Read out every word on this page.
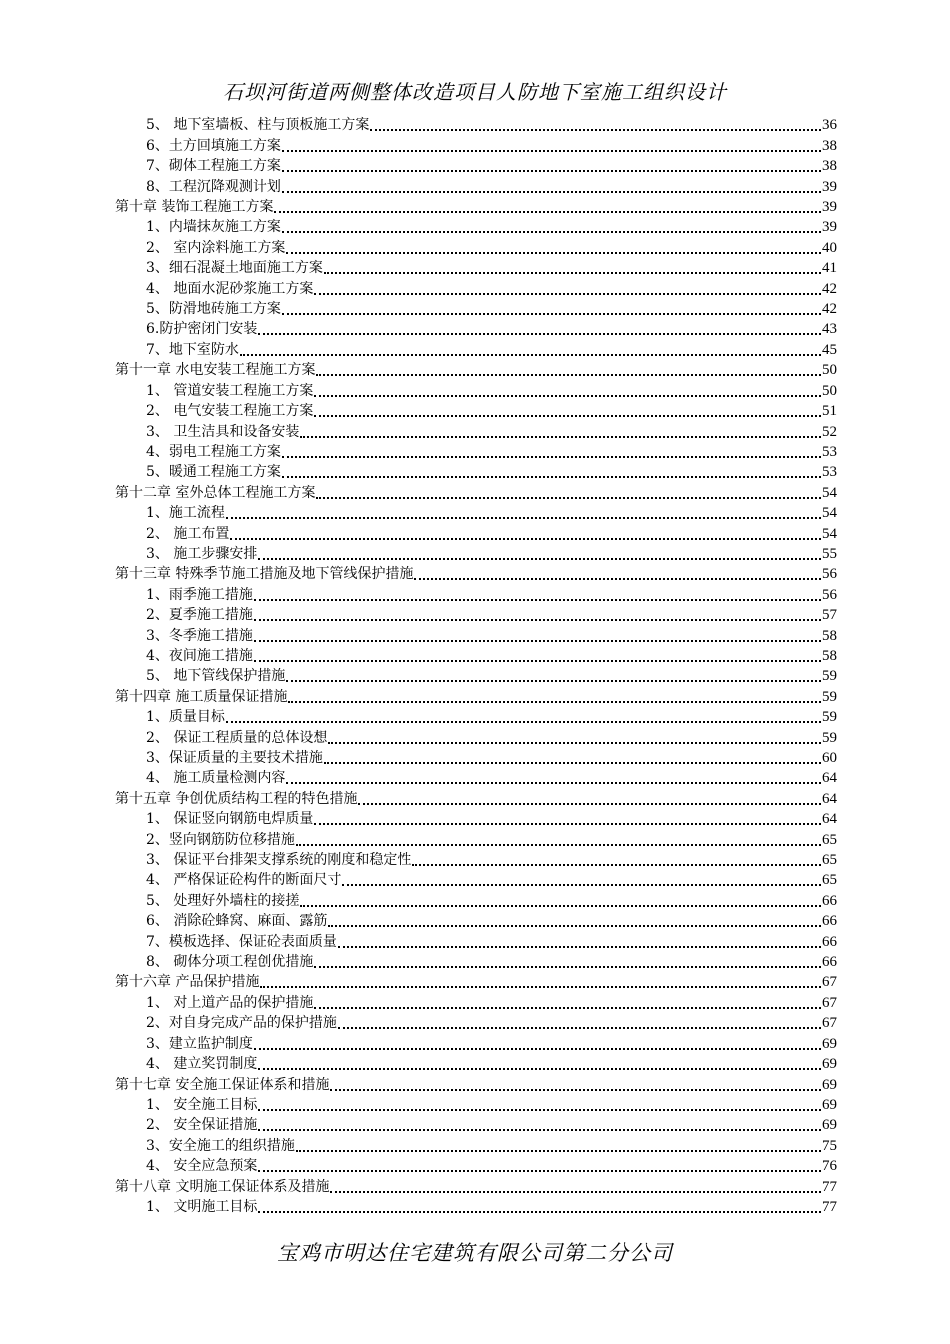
石坝河街道两侧整体改造项目人防地下室施工组织设计
5、 地下室墙板、柱与顶板施工方案	36
6、土方回填施工方案	38
7、砌体工程施工方案	38
8、工程沉降观测计划	39
第十章 装饰工程施工方案	39
1、内墙抹灰施工方案	39
2、 室内涂料施工方案	40
3、细石混凝土地面施工方案	41
4、 地面水泥砂浆施工方案	42
5、防滑地砖施工方案	42
6.防护密闭门安装	43
7、地下室防水	45
第十一章 水电安装工程施工方案	50
1、 管道安装工程施工方案	50
2、 电气安装工程施工方案	51
3、 卫生洁具和设备安装	52
4、弱电工程施工方案	53
5、暖通工程施工方案	53
第十二章 室外总体工程施工方案	54
1、施工流程	54
2、 施工布置	54
3、 施工步骤安排	55
第十三章 特殊季节施工措施及地下管线保护措施	56
1、雨季施工措施	56
2、夏季施工措施	57
3、冬季施工措施	58
4、夜间施工措施	58
5、 地下管线保护措施	59
第十四章 施工质量保证措施	59
1、质量目标	59
2、 保证工程质量的总体设想	59
3、保证质量的主要技术措施	60
4、 施工质量检测内容	64
第十五章 争创优质结构工程的特色措施	64
1、 保证竖向钢筋电焊质量	64
2、竖向钢筋防位移措施	65
3、 保证平台排架支撑系统的刚度和稳定性	65
4、 严格保证砼构件的断面尺寸	65
5、 处理好外墙柱的接搓	66
6、 消除砼蜂窝、麻面、露筋	66
7、模板选择、保证砼表面质量	66
8、 砌体分项工程创优措施	66
第十六章 产品保护措施	67
1、 对上道产品的保护措施	67
2、对自身完成产品的保护措施	67
3、建立监护制度	69
4、 建立奖罚制度	69
第十七章 安全施工保证体系和措施	69
1、 安全施工目标	69
2、 安全保证措施	69
3、安全施工的组织措施	75
4、 安全应急预案	76
第十八章 文明施工保证体系及措施	77
1、 文明施工目标	77
宝鸡市明达住宅建筑有限公司第二分公司
